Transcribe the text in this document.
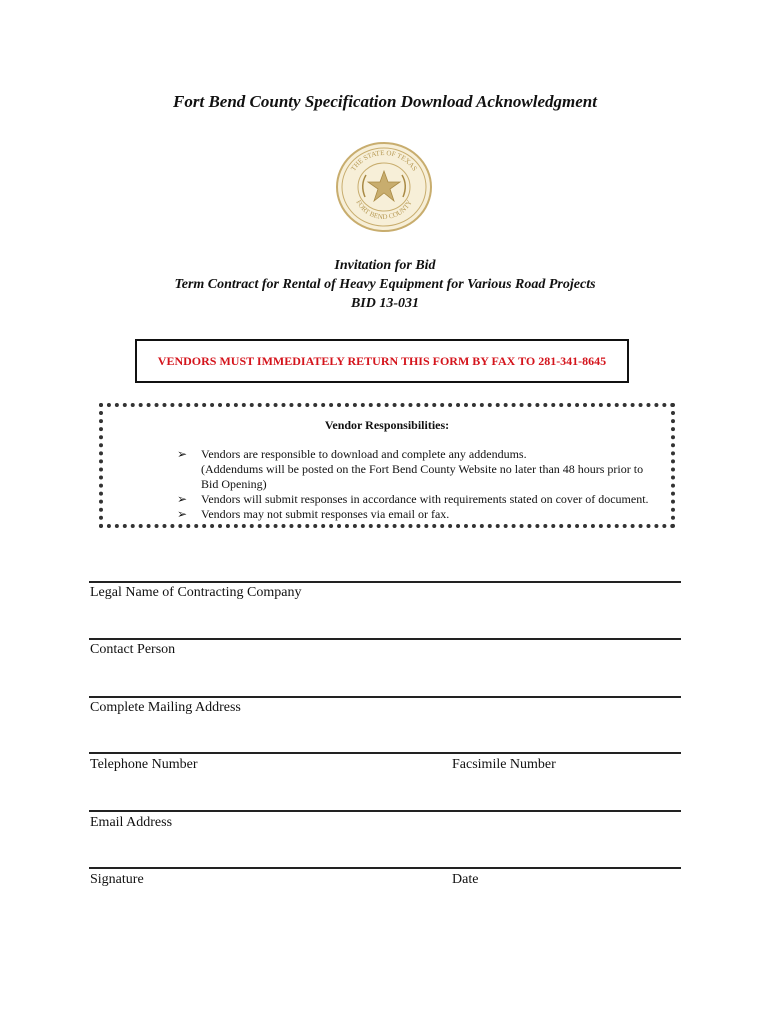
Fort Bend County Specification Download Acknowledgment
THE STATE OF TEXAS
FORT BEND COUNTY
Invitation for Bid
Term Contract for Rental of Heavy Equipment for Various Road Projects
BID 13-031
VENDORS MUST IMMEDIATELY RETURN THIS FORM BY FAX TO 281-341-8645
Vendor Responsibilities:
➢ Vendors are responsible to download and complete any addendums.
(Addendums will be posted on the Fort Bend County Website no later than 48 hours prior to
Bid Opening)
➢ Vendors will submit responses in accordance with requirements stated on cover of document.
➢ Vendors may not submit responses via email or fax.
Legal Name of Contracting Company
Contact Person
Complete Mailing Address
Telephone Number	Facsimile Number
Email Address
Signature	Date
